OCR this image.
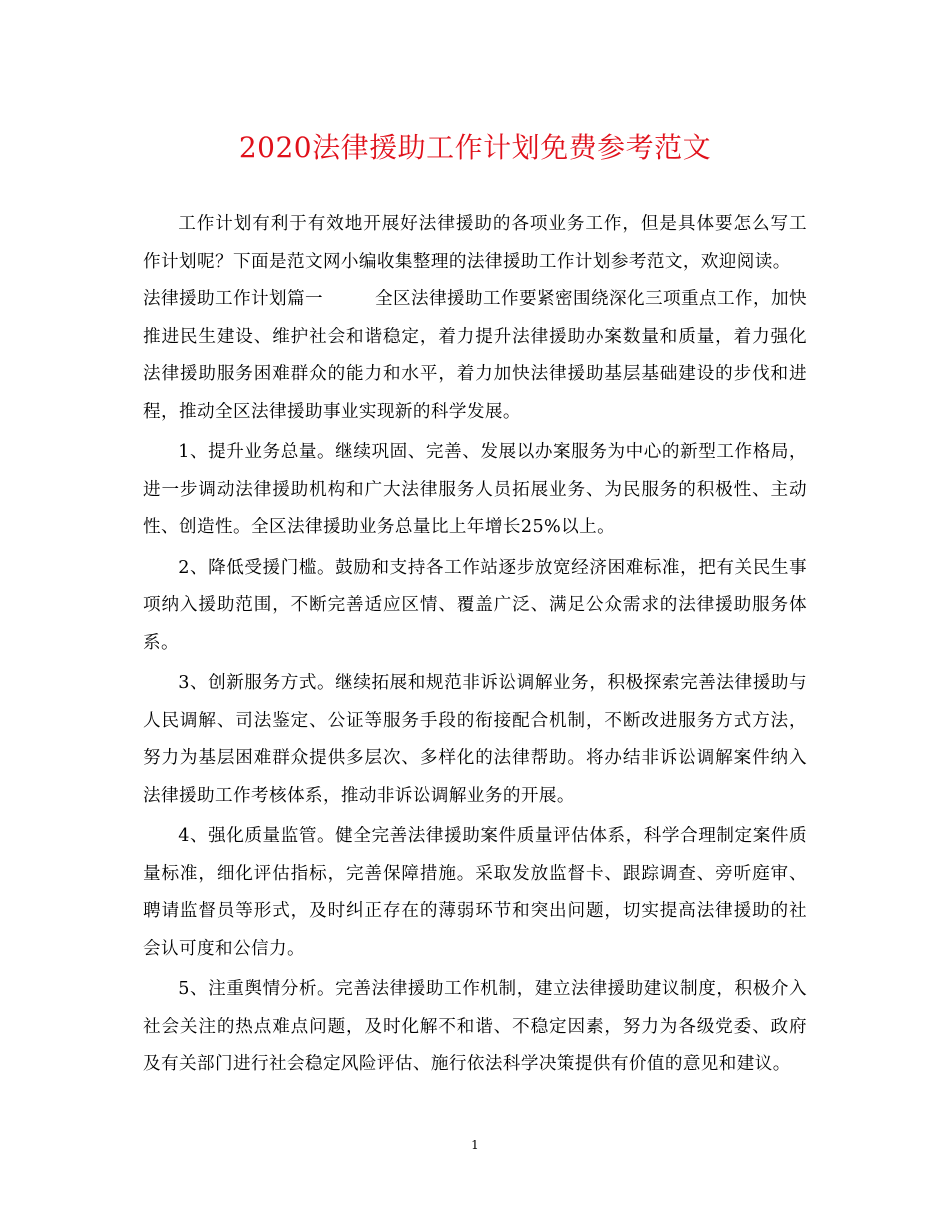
2020法律援助工作计划免费参考范文

工作计划有利于有效地开展好法律援助的各项业务工作，但是具体要怎么写工作计划呢？下面是范文网小编收集整理的法律援助工作计划参考范文，欢迎阅读。

法律援助工作计划篇一	全区法律援助工作要紧密围绕深化三项重点工作，加快推进民生建设、维护社会和谐稳定，着力提升法律援助办案数量和质量，着力强化法律援助服务困难群众的能力和水平，着力加快法律援助基层基础建设的步伐和进程，推动全区法律援助事业实现新的科学发展。

1、提升业务总量。继续巩固、完善、发展以办案服务为中心的新型工作格局，进一步调动法律援助机构和广大法律服务人员拓展业务、为民服务的积极性、主动性、创造性。全区法律援助业务总量比上年增长25%以上。

2、降低受援门槛。鼓励和支持各工作站逐步放宽经济困难标准，把有关民生事项纳入援助范围，不断完善适应区情、覆盖广泛、满足公众需求的法律援助服务体系。

3、创新服务方式。继续拓展和规范非诉讼调解业务，积极探索完善法律援助与人民调解、司法鉴定、公证等服务手段的衔接配合机制，不断改进服务方式方法，努力为基层困难群众提供多层次、多样化的法律帮助。将办结非诉讼调解案件纳入法律援助工作考核体系，推动非诉讼调解业务的开展。

4、强化质量监管。健全完善法律援助案件质量评估体系，科学合理制定案件质量标准，细化评估指标，完善保障措施。采取发放监督卡、跟踪调查、旁听庭审、聘请监督员等形式，及时纠正存在的薄弱环节和突出问题，切实提高法律援助的社会认可度和公信力。

5、注重舆情分析。完善法律援助工作机制，建立法律援助建议制度，积极介入社会关注的热点难点问题，及时化解不和谐、不稳定因素，努力为各级党委、政府及有关部门进行社会稳定风险评估、施行依法科学决策提供有价值的意见和建议。

1
